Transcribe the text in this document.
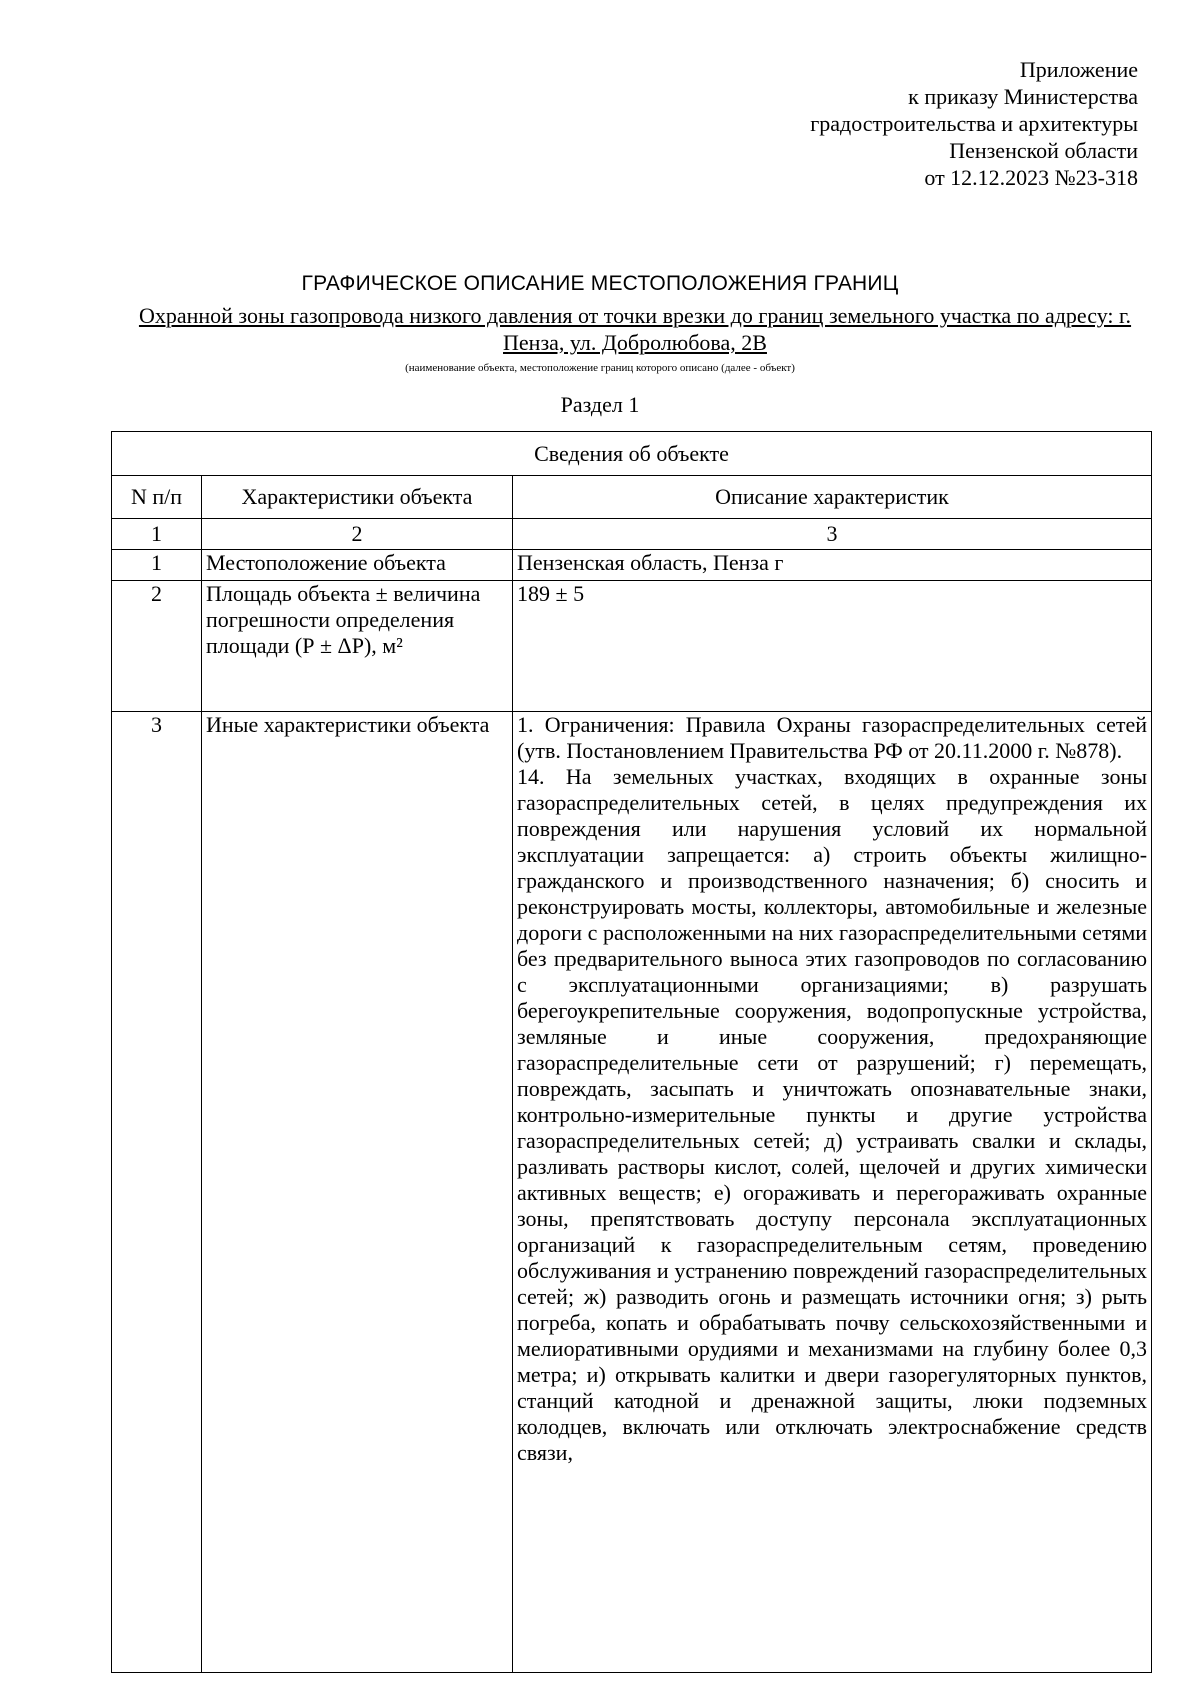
Приложение
к приказу Министерства
градостроительства и архитектуры
Пензенской области
от 12.12.2023 №23-318
ГРАФИЧЕСКОЕ ОПИСАНИЕ МЕСТОПОЛОЖЕНИЯ ГРАНИЦ
Охранной зоны газопровода низкого давления от точки врезки до границ земельного участка по адресу: г. Пенза, ул. Добролюбова, 2В
(наименование объекта, местоположение границ которого описано (далее - объект)
Раздел 1
Сведения об объекте		
N п/п	Характеристики объекта	Описание характеристик
1	2	3
1	Местоположение объекта	Пензенская область, Пенза г
2	Площадь объекта ± величина погрешности определения площади (Р ± ΔР), м²	189 ± 5
3	Иные характеристики объекта	1. Ограничения: Правила Охраны газораспределительных сетей (утв. Постановлением Правительства РФ от 20.11.2000 г. №878).
14. На земельных участках, входящих в охранные зоны газораспределительных сетей, в целях предупреждения их повреждения или нарушения условий их нормальной эксплуатации запрещается: а) строить объекты жилищно-гражданского и производственного назначения; б) сносить и реконструировать мосты, коллекторы, автомобильные и железные дороги с расположенными на них газораспределительными сетями без предварительного выноса этих газопроводов по согласованию с эксплуатационными организациями; в) разрушать берегоукрепительные сооружения, водопропускные устройства, земляные и иные сооружения, предохраняющие газораспределительные сети от разрушений; г) перемещать, повреждать, засыпать и уничтожать опознавательные знаки, контрольно-измерительные пункты и другие устройства газораспределительных сетей; д) устраивать свалки и склады, разливать растворы кислот, солей, щелочей и других химически активных веществ; е) огораживать и перегораживать охранные зоны, препятствовать доступу персонала эксплуатационных организаций к газораспределительным сетям, проведению обслуживания и устранению повреждений газораспределительных сетей; ж) разводить огонь и размещать источники огня; з) рыть погреба, копать и обрабатывать почву сельскохозяйственными и мелиоративными орудиями и механизмами на глубину более 0,3 метра; и) открывать калитки и двери газорегуляторных пунктов, станций катодной и дренажной защиты, люки подземных колодцев, включать или отключать электроснабжение средств связи,
